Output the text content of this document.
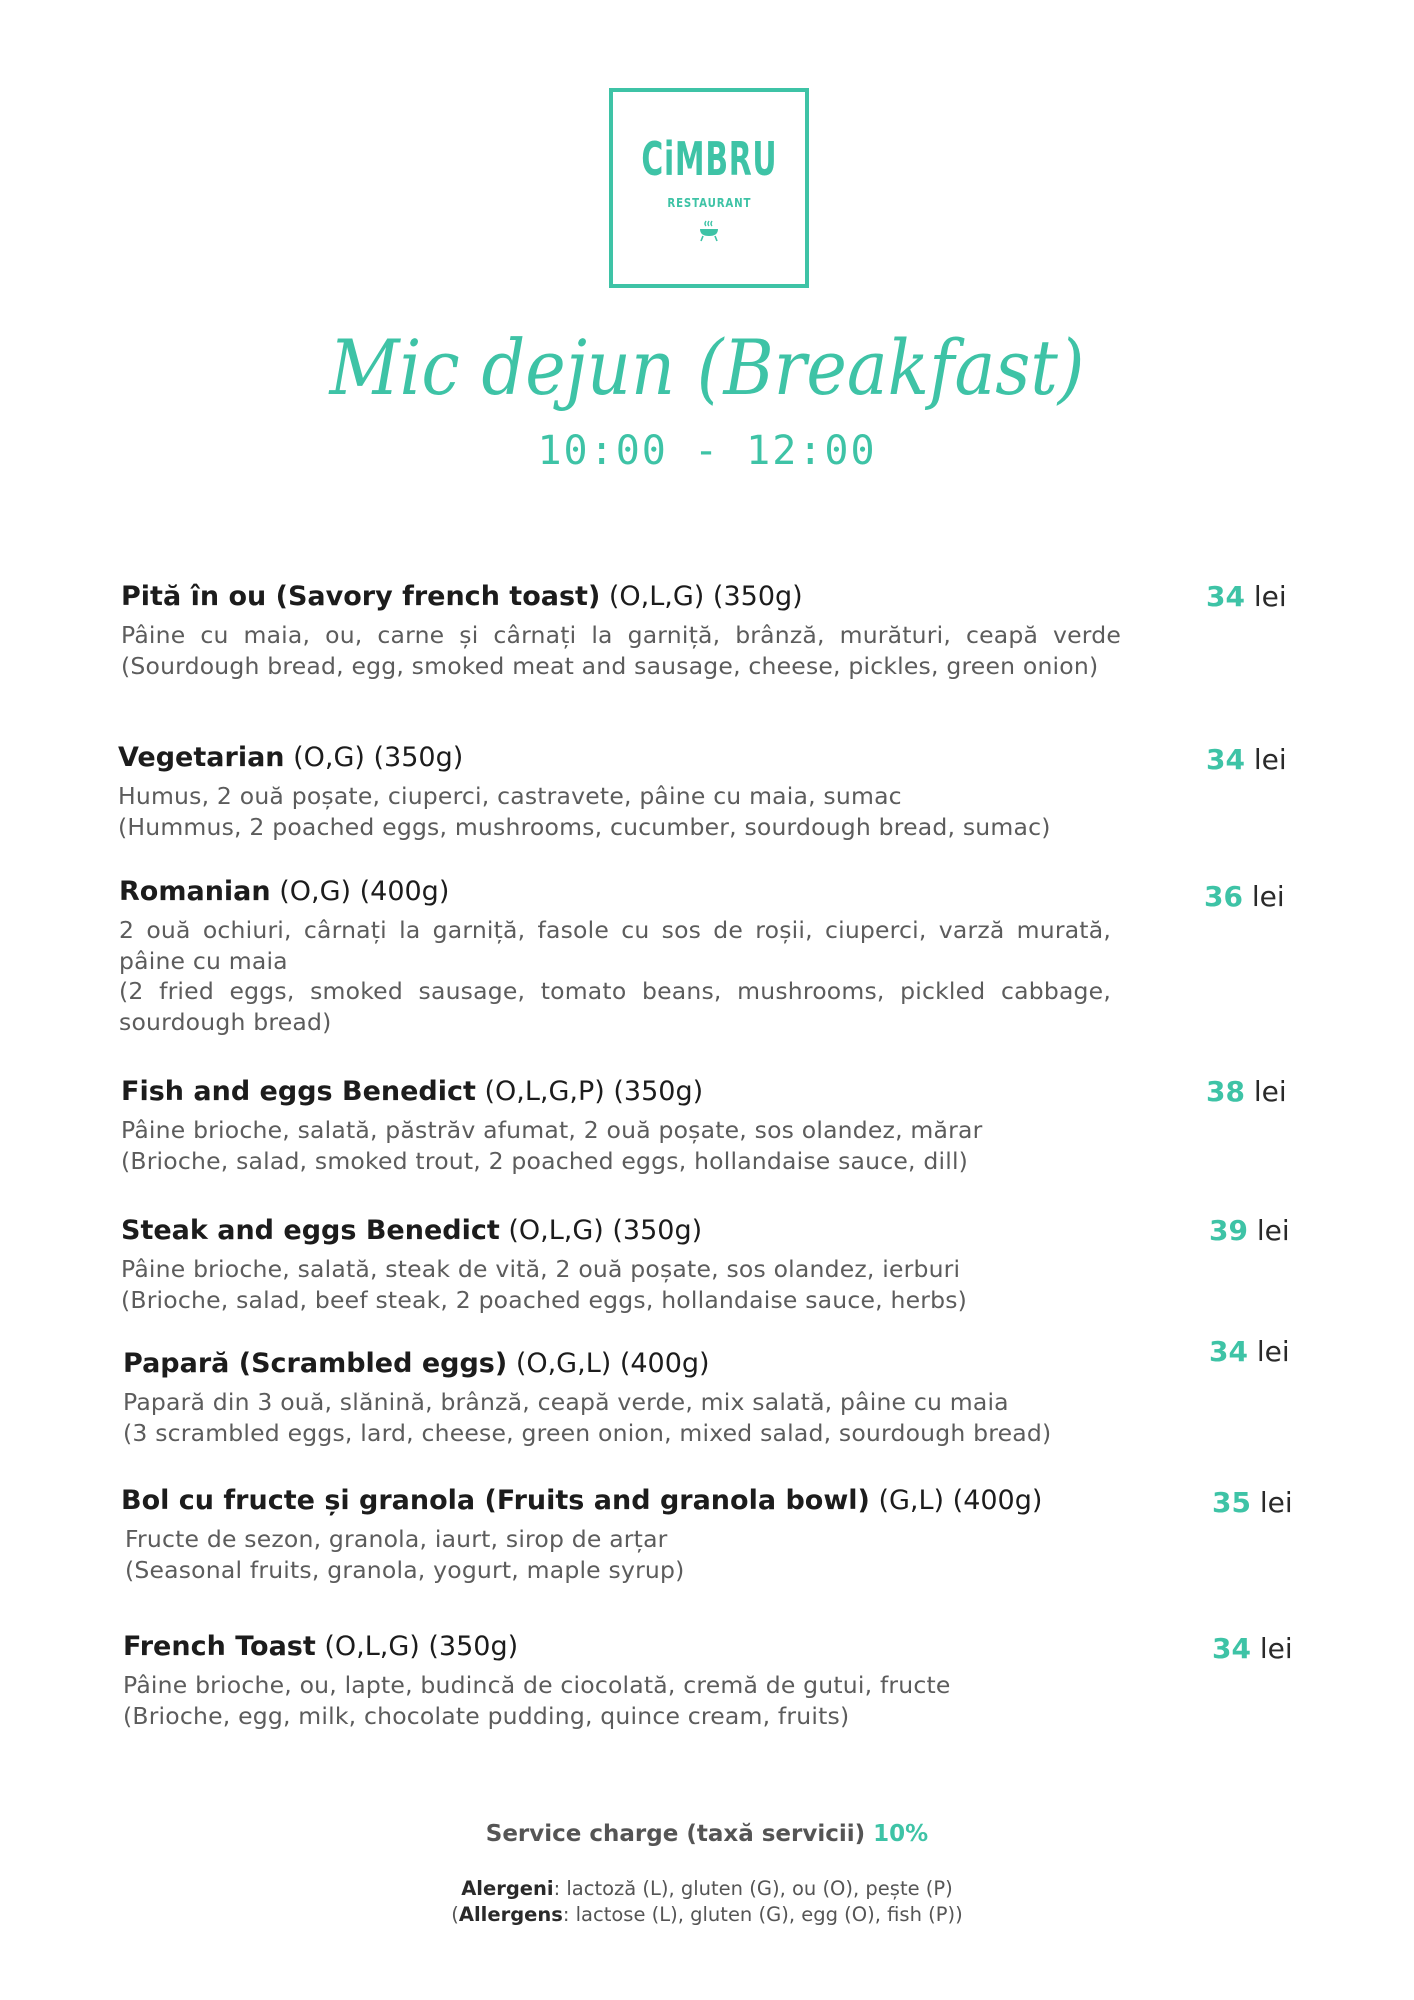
CiMBRU
RESTAURANT
Mic dejun (Breakfast)
10:00 - 12:00
Pită în ou (Savory french toast) (O,L,G) (350g)
Pâine cu maia, ou, carne și cârnați la garniță, brânză, murături, ceapă verde (Sourdough bread, egg, smoked meat and sausage, cheese, pickles, green onion)
34 lei
Vegetarian (O,G) (350g)
Humus, 2 ouă poșate, ciuperci, castravete, pâine cu maia, sumac
(Hummus, 2 poached eggs, mushrooms, cucumber, sourdough bread, sumac)
34 lei
Romanian (O,G) (400g)
2 ouă ochiuri, cârnați la garniță, fasole cu sos de roșii, ciuperci, varză murată, pâine cu maia
(2 fried eggs, smoked sausage, tomato beans, mushrooms, pickled cabbage, sourdough bread)
36 lei
Fish and eggs Benedict (O,L,G,P) (350g)
Pâine brioche, salată, păstrăv afumat, 2 ouă poșate, sos olandez, mărar
(Brioche, salad, smoked trout, 2 poached eggs, hollandaise sauce, dill)
38 lei
Steak and eggs Benedict (O,L,G) (350g)
Pâine brioche, salată, steak de vită, 2 ouă poșate, sos olandez, ierburi
(Brioche, salad, beef steak, 2 poached eggs, hollandaise sauce, herbs)
39 lei
Papară (Scrambled eggs) (O,G,L) (400g)
Papară din 3 ouă, slănină, brânză, ceapă verde, mix salată, pâine cu maia
(3 scrambled eggs, lard, cheese, green onion, mixed salad, sourdough bread)
34 lei
Bol cu fructe și granola (Fruits and granola bowl) (G,L) (400g)
Fructe de sezon, granola, iaurt, sirop de arțar
(Seasonal fruits, granola, yogurt, maple syrup)
35 lei
French Toast (O,L,G) (350g)
Pâine brioche, ou, lapte, budincă de ciocolată, cremă de gutui, fructe
(Brioche, egg, milk, chocolate pudding, quince cream, fruits)
34 lei
Service charge (taxă servicii) 10%
Alergeni: lactoză (L), gluten (G), ou (O), pește (P)
(Allergens: lactose (L), gluten (G), egg (O), fish (P))
